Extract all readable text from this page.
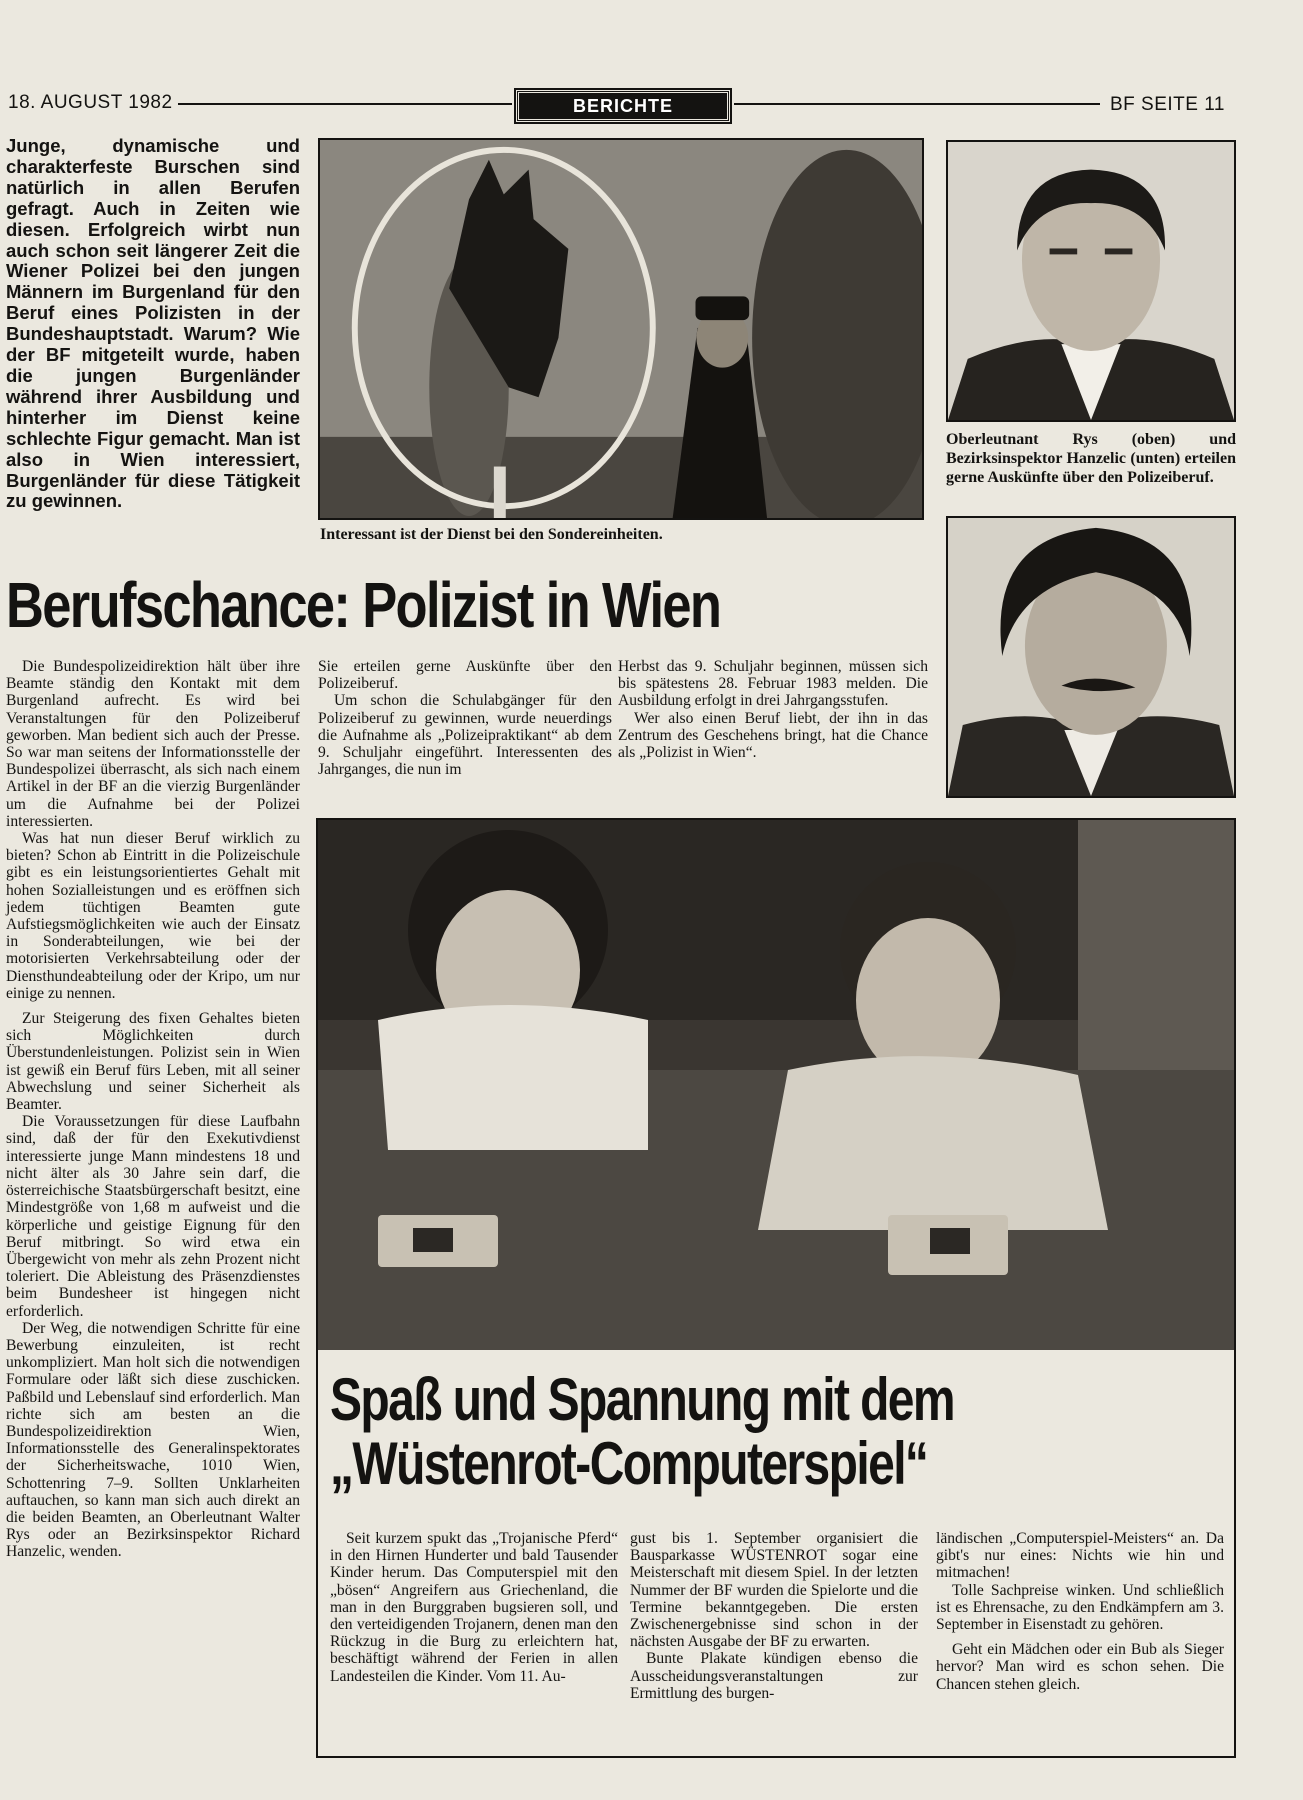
18. AUGUST 1982	BERICHTE	BF SEITE 11
Junge, dynamische und charakterfeste Burschen sind natürlich in allen Berufen gefragt. Auch in Zeiten wie diesen. Erfolgreich wirbt nun auch schon seit längerer Zeit die Wiener Polizei bei den jungen Männern im Burgenland für den Beruf eines Polizisten in der Bundeshauptstadt. Warum? Wie der BF mitgeteilt wurde, haben die jungen Burgenländer während ihrer Ausbildung und hinterher im Dienst keine schlechte Figur gemacht. Man ist also in Wien interessiert, Burgenländer für diese Tätigkeit zu gewinnen.
Interessant ist der Dienst bei den Sondereinheiten.
Oberleutnant Rys (oben) und Bezirksinspektor Hanzelic (unten) erteilen gerne Auskünfte über den Polizeiberuf.
Berufschance: Polizist in Wien

Die Bundespolizeidirektion hält über ihre Beamte ständig den Kontakt mit dem Burgenland aufrecht. Es wird bei Veranstaltungen für den Polizeiberuf geworben. Man bedient sich auch der Presse. So war man seitens der Informationsstelle der Bundespolizei überrascht, als sich nach einem Artikel in der BF an die vierzig Burgenländer um die Aufnahme bei der Polizei interessierten.

Was hat nun dieser Beruf wirklich zu bieten? Schon ab Eintritt in die Polizeischule gibt es ein leistungsorientiertes Gehalt mit hohen Sozialleistungen und es eröffnen sich jedem tüchtigen Beamten gute Aufstiegsmöglichkeiten wie auch der Einsatz in Sonderabteilungen, wie bei der motorisierten Verkehrsabteilung oder der Diensthundeabteilung oder der Kripo, um nur einige zu nennen.

Zur Steigerung des fixen Gehaltes bieten sich Möglichkeiten durch Überstundenleistungen. Polizist sein in Wien ist gewiß ein Beruf fürs Leben, mit all seiner Abwechslung und seiner Sicherheit als Beamter.

Die Voraussetzungen für diese Laufbahn sind, daß der für den Exekutivdienst interessierte junge Mann mindestens 18 und nicht älter als 30 Jahre sein darf, die österreichische Staatsbürgerschaft besitzt, eine Mindestgröße von 1,68 m aufweist und die körperliche und geistige Eignung für den Beruf mitbringt. So wird etwa ein Übergewicht von mehr als zehn Prozent nicht toleriert. Die Ableistung des Präsenzdienstes beim Bundesheer ist hingegen nicht erforderlich.

Der Weg, die notwendigen Schritte für eine Bewerbung einzuleiten, ist recht unkompliziert. Man holt sich die notwendigen Formulare oder läßt sich diese zuschicken. Paßbild und Lebenslauf sind erforderlich. Man richte sich am besten an die Bundespolizeidirektion Wien, Informationsstelle des Generalinspektorates der Sicherheitswache, 1010 Wien, Schottenring 7–9. Sollten Unklarheiten auftauchen, so kann man sich auch direkt an die beiden Beamten, an Oberleutnant Walter Rys oder an Bezirksinspektor Richard Hanzelic, wenden.

Sie erteilen gerne Auskünfte über den Polizeiberuf.

Um schon die Schulabgänger für den Polizeiberuf zu gewinnen, wurde neuerdings die Aufnahme als „Polizeipraktikant“ ab dem 9. Schuljahr eingeführt. Interessenten des Jahrganges, die nun im

Herbst das 9. Schuljahr beginnen, müssen sich bis spätestens 28. Februar 1983 melden. Die Ausbildung erfolgt in drei Jahrgangsstufen.

Wer also einen Beruf liebt, der ihn in das Zentrum des Geschehens bringt, hat die Chance als „Polizist in Wien“.

Spaß und Spannung mit dem
„Wüstenrot-Computerspiel“

Seit kurzem spukt das „Trojanische Pferd“ in den Hirnen Hunderter und bald Tausender Kinder herum. Das Computerspiel mit den „bösen“ Angreifern aus Griechenland, die man in den Burggraben bugsieren soll, und den verteidigenden Trojanern, denen man den Rückzug in die Burg zu erleichtern hat, beschäftigt während der Ferien in allen Landesteilen die Kinder. Vom 11. Au-

gust bis 1. September organisiert die Bausparkasse WÜSTENROT sogar eine Meisterschaft mit diesem Spiel. In der letzten Nummer der BF wurden die Spielorte und die Termine bekanntgegeben. Die ersten Zwischenergebnisse sind schon in der nächsten Ausgabe der BF zu erwarten.

Bunte Plakate kündigen ebenso die Ausscheidungsveranstaltungen zur Ermittlung des burgen-

ländischen „Computerspiel-Meisters“ an. Da gibt's nur eines: Nichts wie hin und mitmachen!

Tolle Sachpreise winken. Und schließlich ist es Ehrensache, zu den Endkämpfern am 3. September in Eisenstadt zu gehören.

Geht ein Mädchen oder ein Bub als Sieger hervor? Man wird es schon sehen. Die Chancen stehen gleich.
